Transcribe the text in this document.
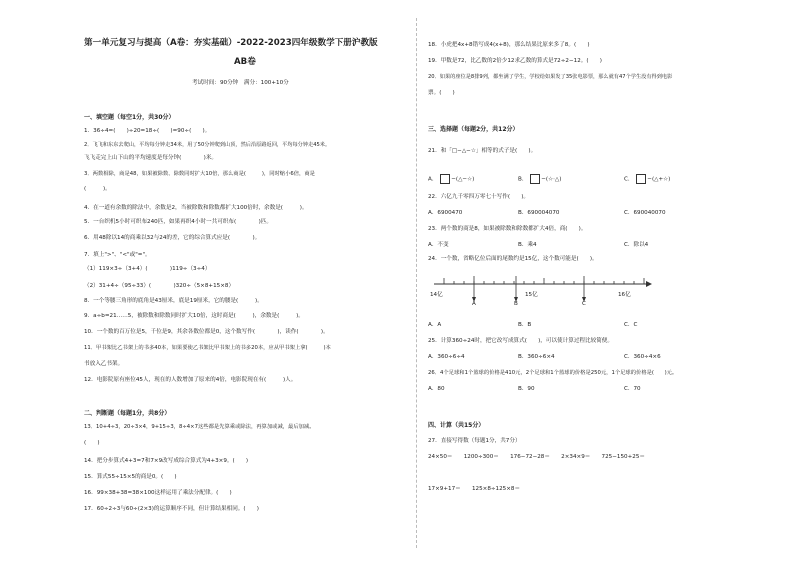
第一单元复习与提高（A卷：夯实基础）-2022-2023四年级数学下册沪教版
AB卷
考试时间：90分钟　满分：100+10分
一、填空题（每空1分，共30分）
1．36÷4=(　　)÷20=18÷(　　)=90÷(　　)。
2．飞飞和东东去爬山，平均每分钟走34米，用了50分钟爬到山顶，然后沿原路返回，平均每分钟走45米。
飞飞走完上山下山的平均速度是每分钟(　　　　)米。
3．两数相除，商是48，如果被除数、除数同时扩大10倍，那么商是(　　　)，同时缩小6倍，商是
(　　　)。
4．在一道有余数的除法中，余数是2，当被除数和除数都扩大100倍时，余数是(　　　)。
5．一台织机5小时可织布240匹，如果再织4小时一共可织布(　　　　)匹。
6．用48除以14的商乘以32与24的差，它的综合算式应是(　　　　)。
7．填上">"、"<"或"="。
（1）119×3÷（3+4）(　　　　)119÷（3÷4）
（2）31+4÷（95÷33）(　　　　)320÷（5×8+15×8）
8．一个等腰三角形的底角是43厘米，底是19厘米，它的腰是(　　　)。
9．a÷b=21……5，被除数和除数同时扩大10倍，这时商是(　　　)，余数是(　　　)。
10．一个数的百万位是5，千位是9，其余各数位都是0，这个数写作(　　　　)，读作(　　　　)。
11．甲书架比乙书架上的书多40本，如果要使乙书架比甲书架上的书多20本，应从甲书架上拿(　　　)本
书放入乙书架。
12．电影院原有座位45人，现在的人数增加了原来的4倍，电影院现在有(　　　)人。
二、判断题（每题1分，共8分）
13．10+4÷3，20÷3×4，9+15÷3，8÷4×7这些都是先算乘或除法，再算加或减，最后加减。
(　　)
14．把分步算式4+3=7和7×9改写成综合算式为4+3×9。(　　)
15．算式55÷15×5的商是0。(　　)
16．99×38+38=38×100这样运用了乘法分配律。(　　)
17．60÷2÷3与60÷(2×3)的运算顺序不同，但计算结果相同。(　　)
18．小虎把4x+8错写成4(x+8)，那么结果比原来多了8。(　　)
19．甲数是72，比乙数的2倍少12求乙数的算式是72÷2−12。(　　)
20．如果的座位是8排9列，都坐满了学生，学校给如果发了35张电影票，那么就有47个学生没有得到电影
票。(　　)
三、选择题（每题2分，共12分）
21．和「□−△−☆」相等的式子是(　　)。
A． −(△−☆)	B． −(☆·△)	C． −(△+☆)
22．六亿九千零四万零七十写作(　　)。
A．6900470	B．690004070	C．690040070
23．两个数的商是8，如果被除数和除数都扩大4倍，商(　　)。
A．不变	B．乘4	C．除以4
24．一个数，省略亿位后面的尾数约是15亿，这个数可能是(　　)。
14亿	15亿	16亿
A	B	C
A．A	B．B	C．C
25．计算360÷24时，把它改写成算式(　　)，可以使计算过程比较简便。
A．360÷6÷4	B．360÷6×4	C．360÷4×6
26．4个足球和1个篮球的价格是410元，2个足球和1个篮球的价格是250元，1个足球的价格是(　　)元。
A．80	B．90	C．70
四、计算（共15分）
27．直接写得数（每题1分，共7分）
24×50＝　　1200÷300＝　　176−72−28＝　　2×34×9＝　　725−150+25＝
17×9+17＝　　125×8÷125×8＝
